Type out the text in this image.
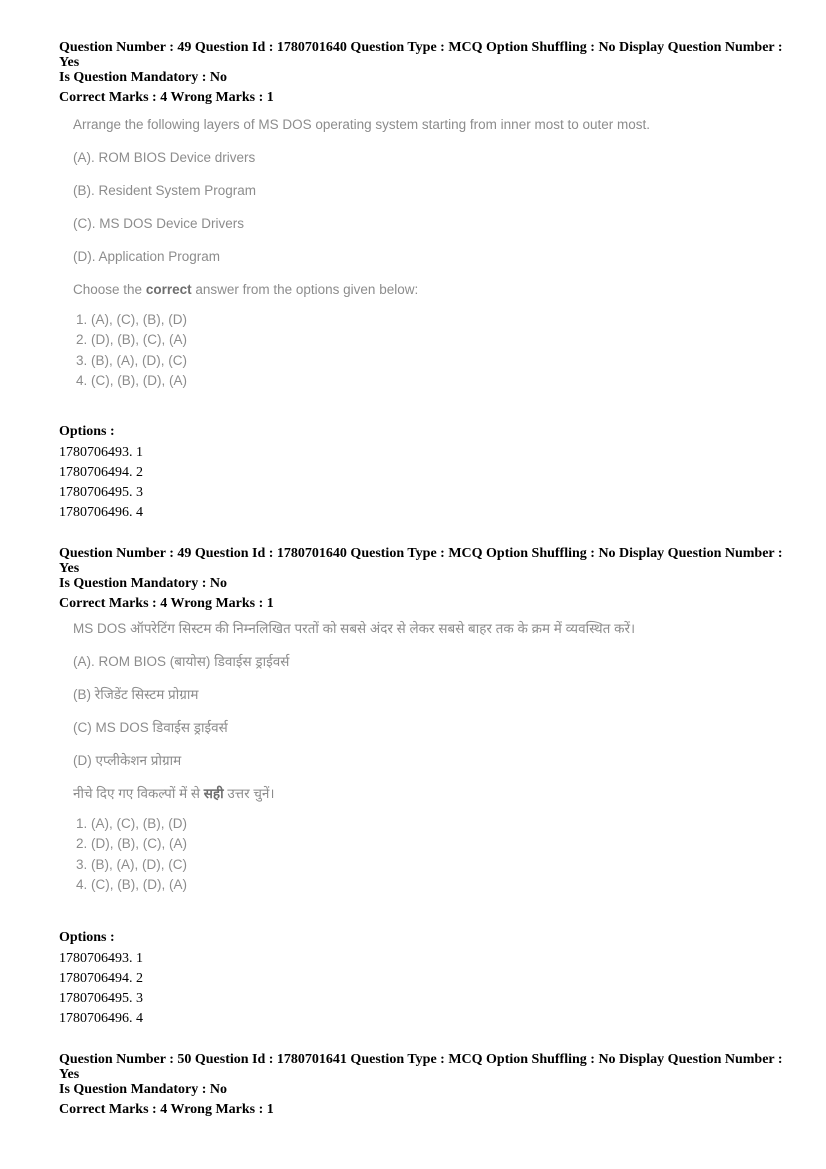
Question Number : 49 Question Id : 1780701640 Question Type : MCQ Option Shuffling : No Display Question Number : Yes
Is Question Mandatory : No
Correct Marks : 4 Wrong Marks : 1
Arrange the following layers of MS DOS operating system starting from inner most to outer most.
(A). ROM BIOS Device drivers
(B). Resident System Program
(C). MS DOS Device Drivers
(D). Application Program
Choose the correct answer from the options given below:
1. (A), (C), (B), (D)
2. (D), (B), (C), (A)
3. (B), (A), (D), (C)
4. (C), (B), (D), (A)
Options :
1780706493. 1
1780706494. 2
1780706495. 3
1780706496. 4
Question Number : 49 Question Id : 1780701640 Question Type : MCQ Option Shuffling : No Display Question Number : Yes
Is Question Mandatory : No
Correct Marks : 4 Wrong Marks : 1
MS DOS ऑपरेटिंग सिस्टम की निम्नलिखित परतों को सबसे अंदर से लेकर सबसे बाहर तक के क्रम में व्यवस्थित करें।
(A). ROM BIOS (बायोस) डिवाईस ड्राईवर्स
(B) रेजिडेंट सिस्टम प्रोग्राम
(C) MS DOS डिवाईस ड्राईवर्स
(D) एप्लीकेशन प्रोग्राम
नीचे दिए गए विकल्पों में से सही उत्तर चुनें।
1. (A), (C), (B), (D)
2. (D), (B), (C), (A)
3. (B), (A), (D), (C)
4. (C), (B), (D), (A)
Options :
1780706493. 1
1780706494. 2
1780706495. 3
1780706496. 4
Question Number : 50 Question Id : 1780701641 Question Type : MCQ Option Shuffling : No Display Question Number : Yes
Is Question Mandatory : No
Correct Marks : 4 Wrong Marks : 1
